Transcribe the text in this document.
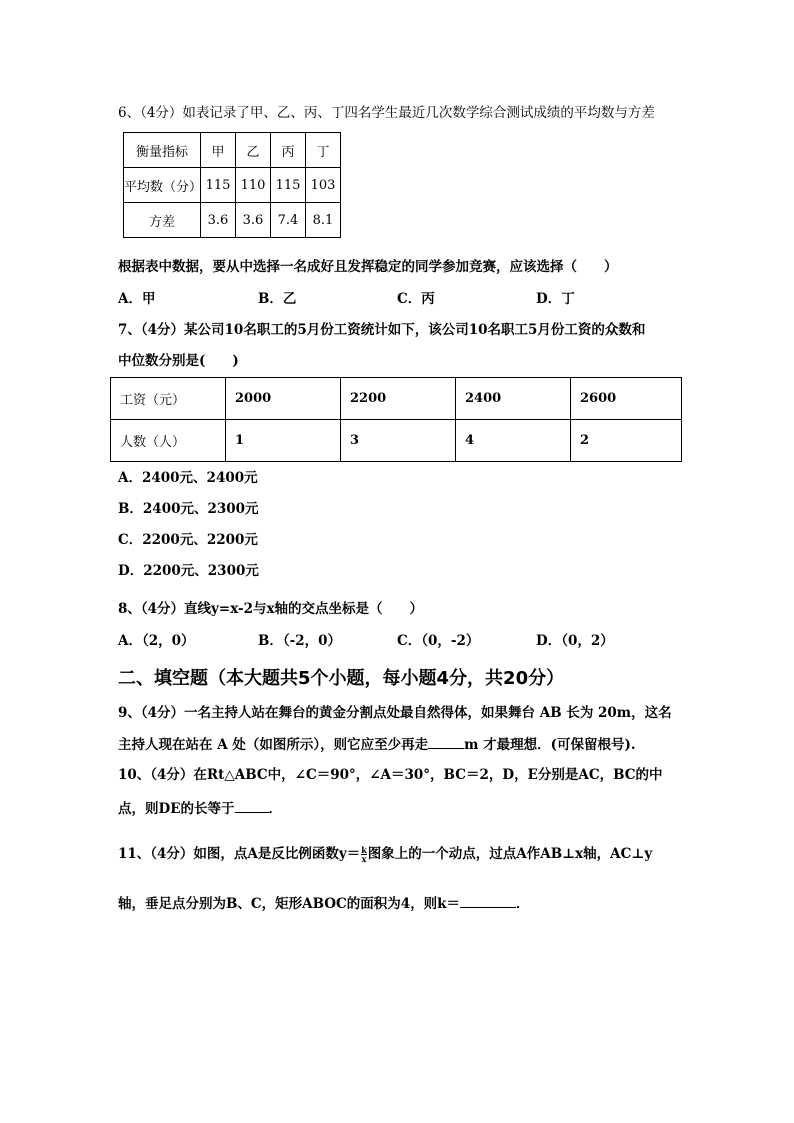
6、（4分）如表记录了甲、乙、丙、丁四名学生最近几次数学综合测试成绩的平均数与方差
衡量指标	甲	乙	丙	丁
平均数（分）	115	110	115	103
方差	3.6	3.6	7.4	8.1
根据表中数据，要从中选择一名成好且发挥稳定的同学参加竞赛，应该选择（　　）
A．甲	B．乙	C．丙	D．丁
7、（4分）某公司10名职工的5月份工资统计如下，该公司10名职工5月份工资的众数和
中位数分别是(　　)
工资（元）	2000	2200	2400	2600
人数（人）	1	3	4	2
A．2400元、2400元
B．2400元、2300元
C．2200元、2200元
D．2200元、2300元
8、（4分）直线y=x-2与x轴的交点坐标是（　　）
A．（2，0）	B．（-2，0）	C．（0，-2）	D．（0，2）
二、填空题（本大题共5个小题，每小题4分，共20分）
9、（4分）一名主持人站在舞台的黄金分割点处最自然得体，如果舞台 AB 长为 20m，这名
主持人现在站在 A 处（如图所示），则它应至少再走	m 才最理想．(可保留根号).
10、（4分）在Rt△ABC中，∠C＝90°，∠A＝30°，BC＝2，D，E分别是AC，BC的中
点，则DE的长等于	．
11、（4分）如图，点A是反比例函数$y= \frac{k}{x}$ 图象上的一个动点，过点A作AB⊥x轴，AC⊥y
轴，垂足点分别为B、C，矩形ABOC的面积为4，则k＝	．
